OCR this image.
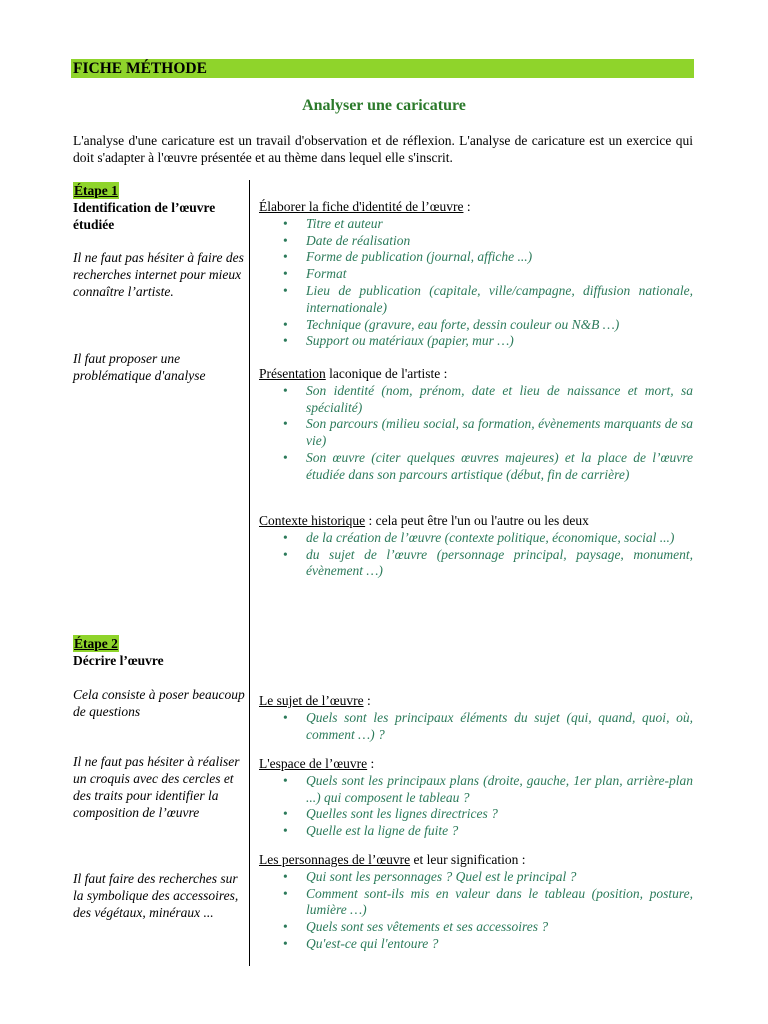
FICHE MÉTHODE
Analyser une caricature
L'analyse d'une caricature est un travail d'observation et de réflexion. L'analyse de caricature est un exercice qui doit s'adapter à l'œuvre présentée et au thème dans lequel elle s'inscrit.
Étape 1
Identification de l’œuvre étudiée
Il ne faut pas hésiter à faire des recherches internet pour mieux connaître l’artiste.
Il faut proposer une problématique d'analyse
Élaborer la fiche d'identité de l’œuvre :
• Titre et auteur
• Date de réalisation
• Forme de publication (journal, affiche ...)
• Format
• Lieu de publication (capitale, ville/campagne, diffusion nationale, internationale)
• Technique (gravure, eau forte, dessin couleur ou N&B …)
• Support ou matériaux (papier, mur …)
Présentation laconique de l'artiste :
• Son identité (nom, prénom, date et lieu de naissance et mort, sa spécialité)
• Son parcours (milieu social, sa formation, évènements marquants de sa vie)
• Son œuvre (citer quelques œuvres majeures) et la place de l’œuvre étudiée dans son parcours artistique (début, fin de carrière)
Contexte historique : cela peut être l'un ou l'autre ou les deux
• de la création de l’œuvre (contexte politique, économique, social ...)
• du sujet de l’œuvre (personnage principal, paysage, monument, évènement …)
Étape 2
Décrire l’œuvre
Cela consiste à poser beaucoup de questions
Il ne faut pas hésiter à réaliser un croquis avec des cercles et des traits pour identifier la composition de l’œuvre
Il faut faire des recherches sur la symbolique des accessoires, des végétaux, minéraux ...
Le sujet de l’œuvre :
• Quels sont les principaux éléments du sujet (qui, quand, quoi, où, comment …) ?
L'espace de l’œuvre :
• Quels sont les principaux plans (droite, gauche, 1er plan, arrière-plan ...) qui composent le tableau ?
• Quelles sont les lignes directrices ?
• Quelle est la ligne de fuite ?
Les personnages de l’œuvre et leur signification :
• Qui sont les personnages ? Quel est le principal ?
• Comment sont-ils mis en valeur dans le tableau (position, posture, lumière …)
• Quels sont ses vêtements et ses accessoires ?
• Qu'est-ce qui l'entoure ?
